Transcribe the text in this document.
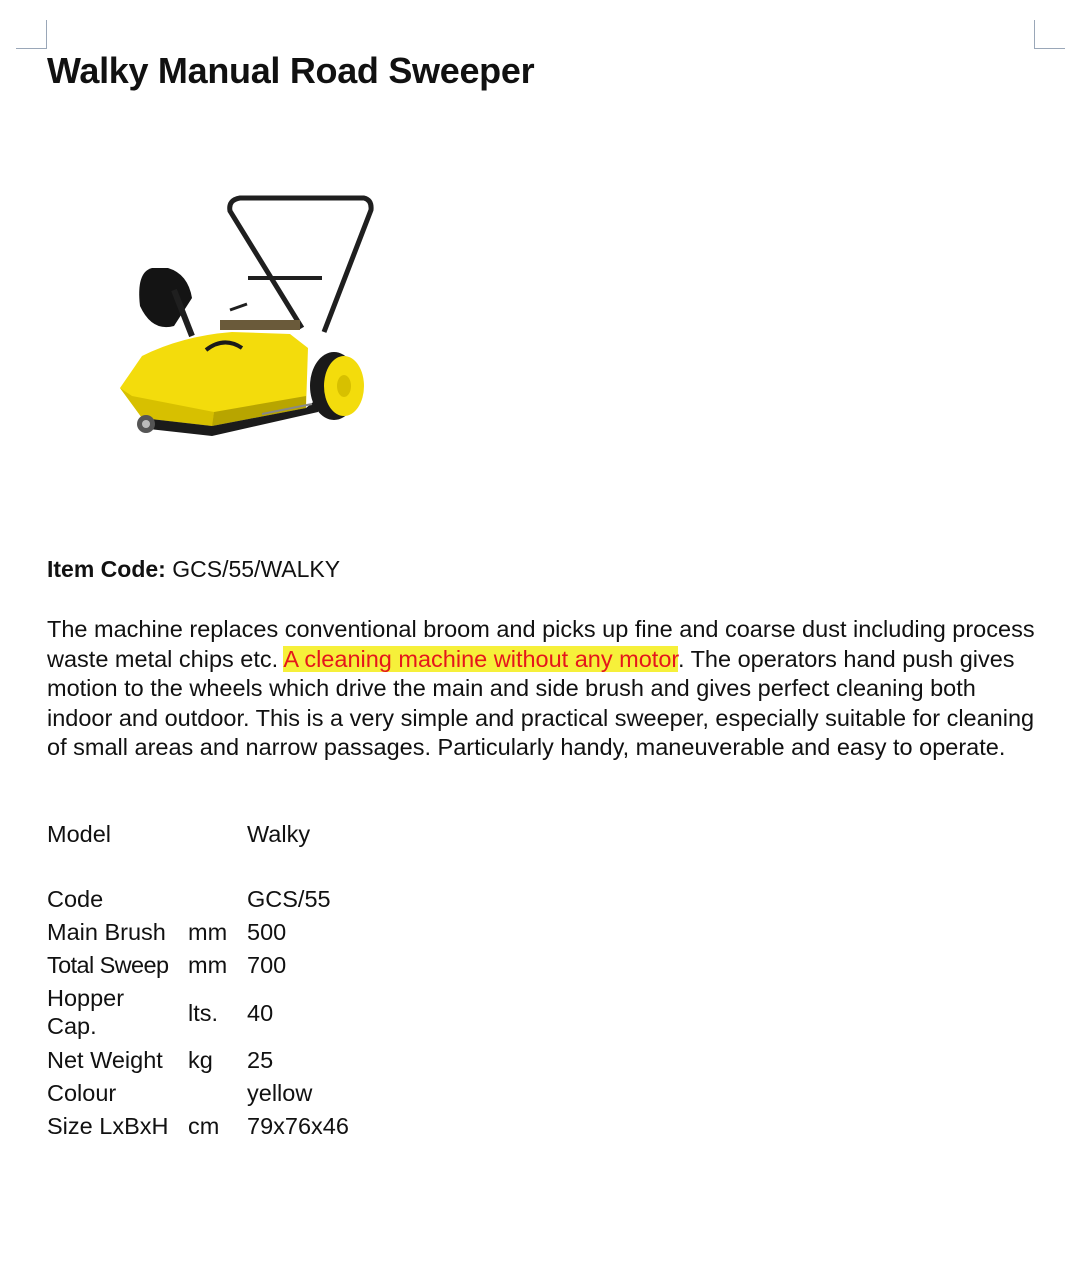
Walky Manual Road Sweeper
Item Code: GCS/55/WALKY
The machine replaces conventional broom and picks up fine and coarse dust including process waste metal chips etc. A cleaning machine without any motor. The operators hand push gives motion to the wheels which drive the main and side brush and gives perfect cleaning both indoor and outdoor. This is a very simple and practical sweeper, especially suitable for cleaning of small areas and narrow passages. Particularly handy, maneuverable and easy to operate.
Model	Walky
Code	GCS/55
Main Brush mm 500
Total Sweep mm 700
Hopper
Cap.	lts. 40
Net Weight kg 25
Colour	yellow
Size LxBxH cm 79x76x46
